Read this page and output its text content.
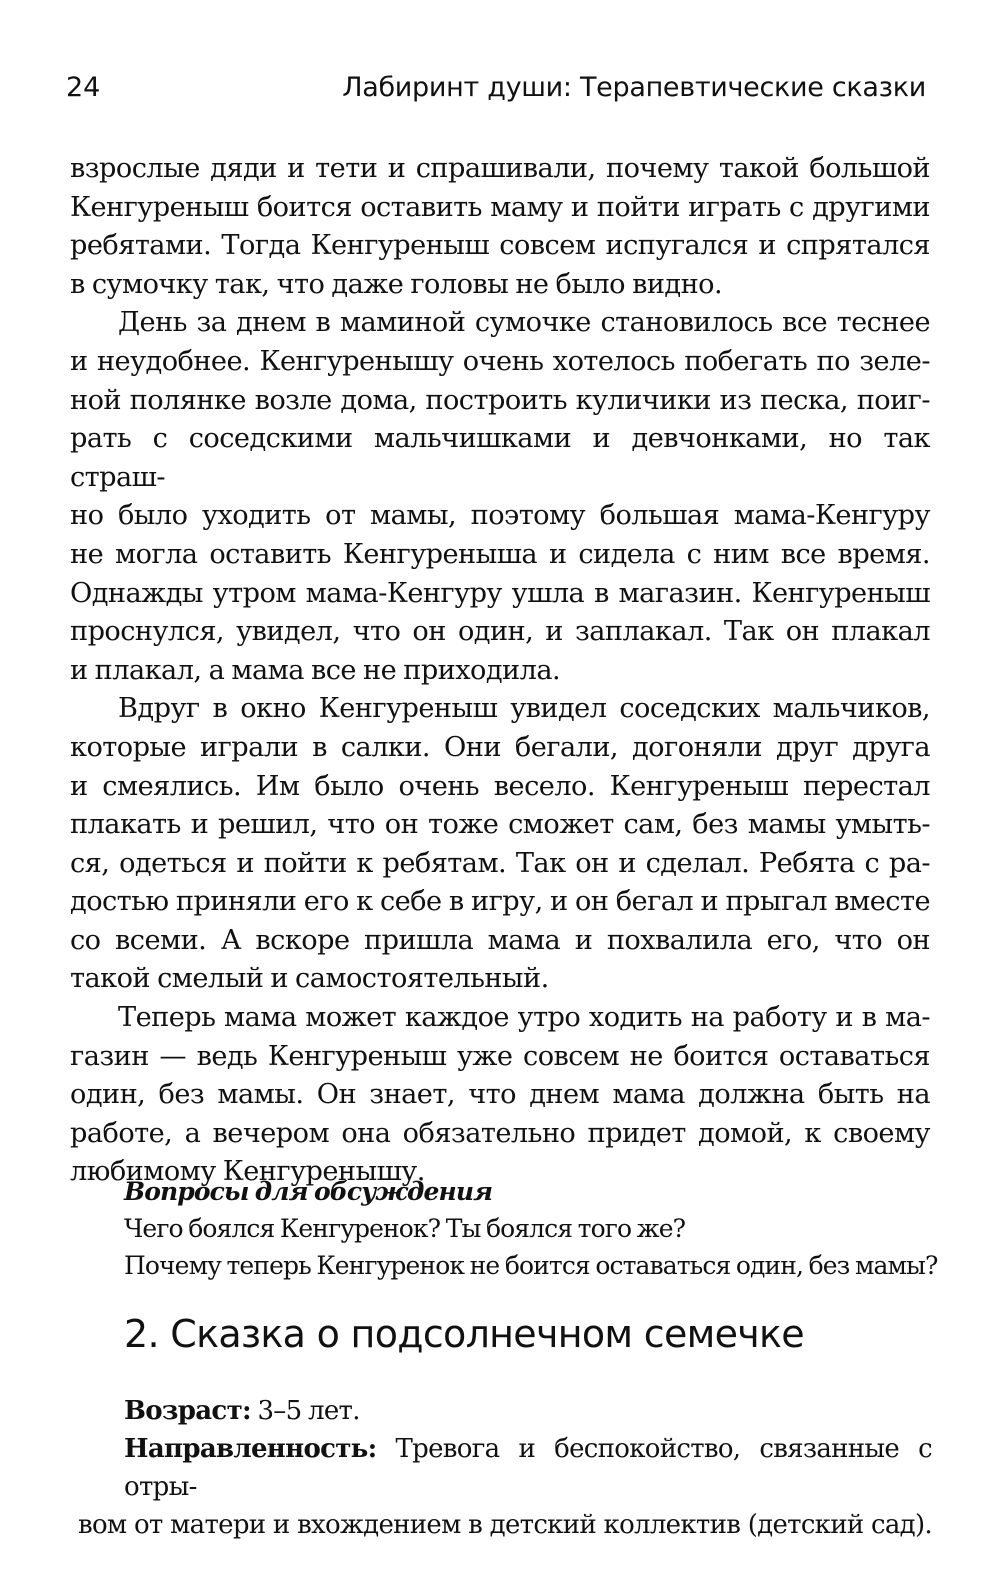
24	Лабиринт души: Терапевтические сказки
взрослые дяди и тети и спрашивали, почему такой большой
Кенгуреныш боится оставить маму и пойти играть с другими
ребятами. Тогда Кенгуреныш совсем испугался и спрятался
в сумочку так, что даже головы не было видно.
День за днем в маминой сумочке становилось все теснее
и неудобнее. Кенгуренышу очень хотелось побегать по зеле-
ной полянке возле дома, построить куличики из песка, поиг-
рать с соседскими мальчишками и девчонками, но так страш-
но было уходить от мамы, поэтому большая мама-Кенгуру
не могла оставить Кенгуреныша и сидела с ним все время.
Однажды утром мама-Кенгуру ушла в магазин. Кенгуреныш
проснулся, увидел, что он один, и заплакал. Так он плакал
и плакал, а мама все не приходила.
Вдруг в окно Кенгуреныш увидел соседских мальчиков,
которые играли в салки. Они бегали, догоняли друг друга
и смеялись. Им было очень весело. Кенгуреныш перестал
плакать и решил, что он тоже сможет сам, без мамы умыть-
ся, одеться и пойти к ребятам. Так он и сделал. Ребята с ра-
достью приняли его к себе в игру, и он бегал и прыгал вместе
со всеми. А вскоре пришла мама и похвалила его, что он
такой смелый и самостоятельный.
Теперь мама может каждое утро ходить на работу и в ма-
газин — ведь Кенгуреныш уже совсем не боится оставаться
один, без мамы. Он знает, что днем мама должна быть на
работе, а вечером она обязательно придет домой, к своему
любимому Кенгуренышу.
Вопросы для обсуждения
Чего боялся Кенгуренок? Ты боялся того же?
Почему теперь Кенгуренок не боится оставаться один, без мамы?
2. Сказка о подсолнечном семечке
Возраст: 3–5 лет.
Направленность: Тревога и беспокойство, связанные с отры-
вом от матери и вхождением в детский коллектив (детский сад).
